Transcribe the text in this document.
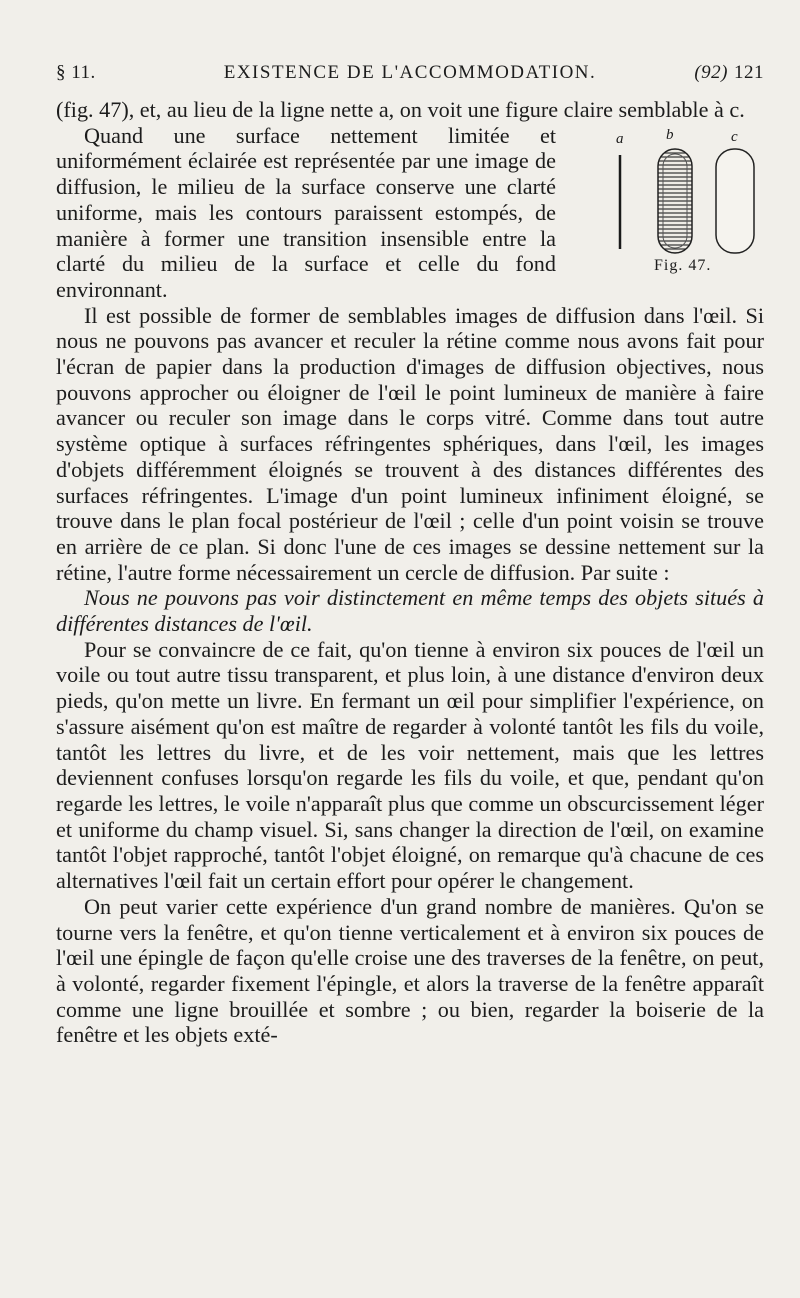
§ 11.	EXISTENCE DE L'ACCOMMODATION.	(92) 121

(fig. 47), et, au lieu de la ligne nette a, on voit une figure claire semblable à c.

a	b	c
Fig. 47.

Quand une surface nettement limitée et uniformément éclairée est représentée par une image de diffusion, le milieu de la surface conserve une clarté uniforme, mais les contours paraissent estompés, de manière à former une transition insensible entre la clarté du milieu de la surface et celle du fond environnant.

Il est possible de former de semblables images de diffusion dans l'œil. Si nous ne pouvons pas avancer et reculer la rétine comme nous avons fait pour l'écran de papier dans la production d'images de diffusion objectives, nous pouvons approcher ou éloigner de l'œil le point lumineux de manière à faire avancer ou reculer son image dans le corps vitré. Comme dans tout autre système optique à surfaces réfringentes sphériques, dans l'œil, les images d'objets différemment éloignés se trouvent à des distances différentes des surfaces réfringentes. L'image d'un point lumineux infiniment éloigné, se trouve dans le plan focal postérieur de l'œil ; celle d'un point voisin se trouve en arrière de ce plan. Si donc l'une de ces images se dessine nettement sur la rétine, l'autre forme nécessairement un cercle de diffusion. Par suite :

Nous ne pouvons pas voir distinctement en même temps des objets situés à différentes distances de l'œil.

Pour se convaincre de ce fait, qu'on tienne à environ six pouces de l'œil un voile ou tout autre tissu transparent, et plus loin, à une distance d'environ deux pieds, qu'on mette un livre. En fermant un œil pour simplifier l'expérience, on s'assure aisément qu'on est maître de regarder à volonté tantôt les fils du voile, tantôt les lettres du livre, et de les voir nettement, mais que les lettres deviennent confuses lorsqu'on regarde les fils du voile, et que, pendant qu'on regarde les lettres, le voile n'apparaît plus que comme un obscurcissement léger et uniforme du champ visuel. Si, sans changer la direction de l'œil, on examine tantôt l'objet rapproché, tantôt l'objet éloigné, on remarque qu'à chacune de ces alternatives l'œil fait un certain effort pour opérer le changement.

On peut varier cette expérience d'un grand nombre de manières. Qu'on se tourne vers la fenêtre, et qu'on tienne verticalement et à environ six pouces de l'œil une épingle de façon qu'elle croise une des traverses de la fenêtre, on peut, à volonté, regarder fixement l'épingle, et alors la traverse de la fenêtre apparaît comme une ligne brouillée et sombre ; ou bien, regarder la boiserie de la fenêtre et les objets exté-
